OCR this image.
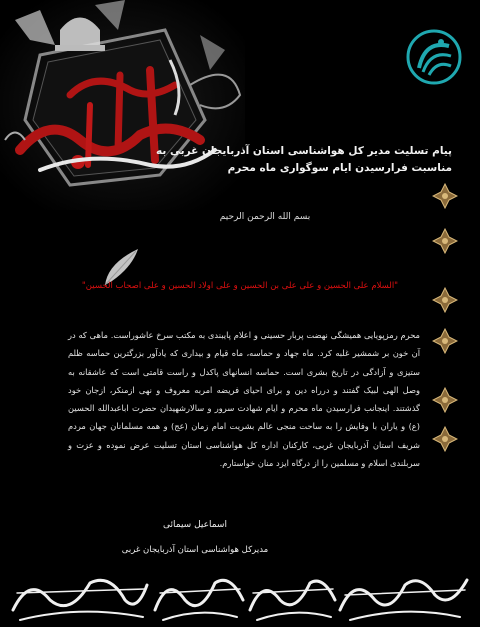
پیام تسلیت مدیر کل هواشناسی استان آذربایجان غربی به مناسبت فرارسیدن ایام سوگواری ماه محرم
بسم الله الرحمن الرحیم
"السلام علی الحسین و علی علی بن الحسین و علی اولاد الحسین و علی اصحاب الحسین"

محرم رمزپویایی همیشگی نهضت پربار حسینی و اعلام پایبندی به مکتب سرخ عاشوراست. ماهی که در آن خون بر شمشیر غلبه کرد. ماه جهاد و حماسه، ماه قیام و بیداری که یادآور بزرگترین حماسه ظلم ستیزی و آزادگی در تاریخ بشری است. حماسه انسانهای پاکدل و راست قامتی است که عاشقانه به وصل الهی لبیک گفتند و درراه دین و برای احیای فریضه امربه معروف و نهی ازمنکر، ازجان خود گذشتند. اینجانب فرارسیدن ماه محرم و ایام شهادت سرور و سالارشهیدان حضرت اباعبدالله الحسین (ع) و یاران با وفایش را به ساحت منجی عالم بشریت امام زمان (عج) و همه مسلمانان جهان مردم شریف استان آذربایجان غربی، کارکنان اداره کل هواشناسی استان تسلیت عرض نموده و عزت و سربلندی اسلام و مسلمین را از درگاه ایزد منان خواستارم.

اسماعیل سیمائی
مدیرکل هواشناسی استان آذربایجان غربی
